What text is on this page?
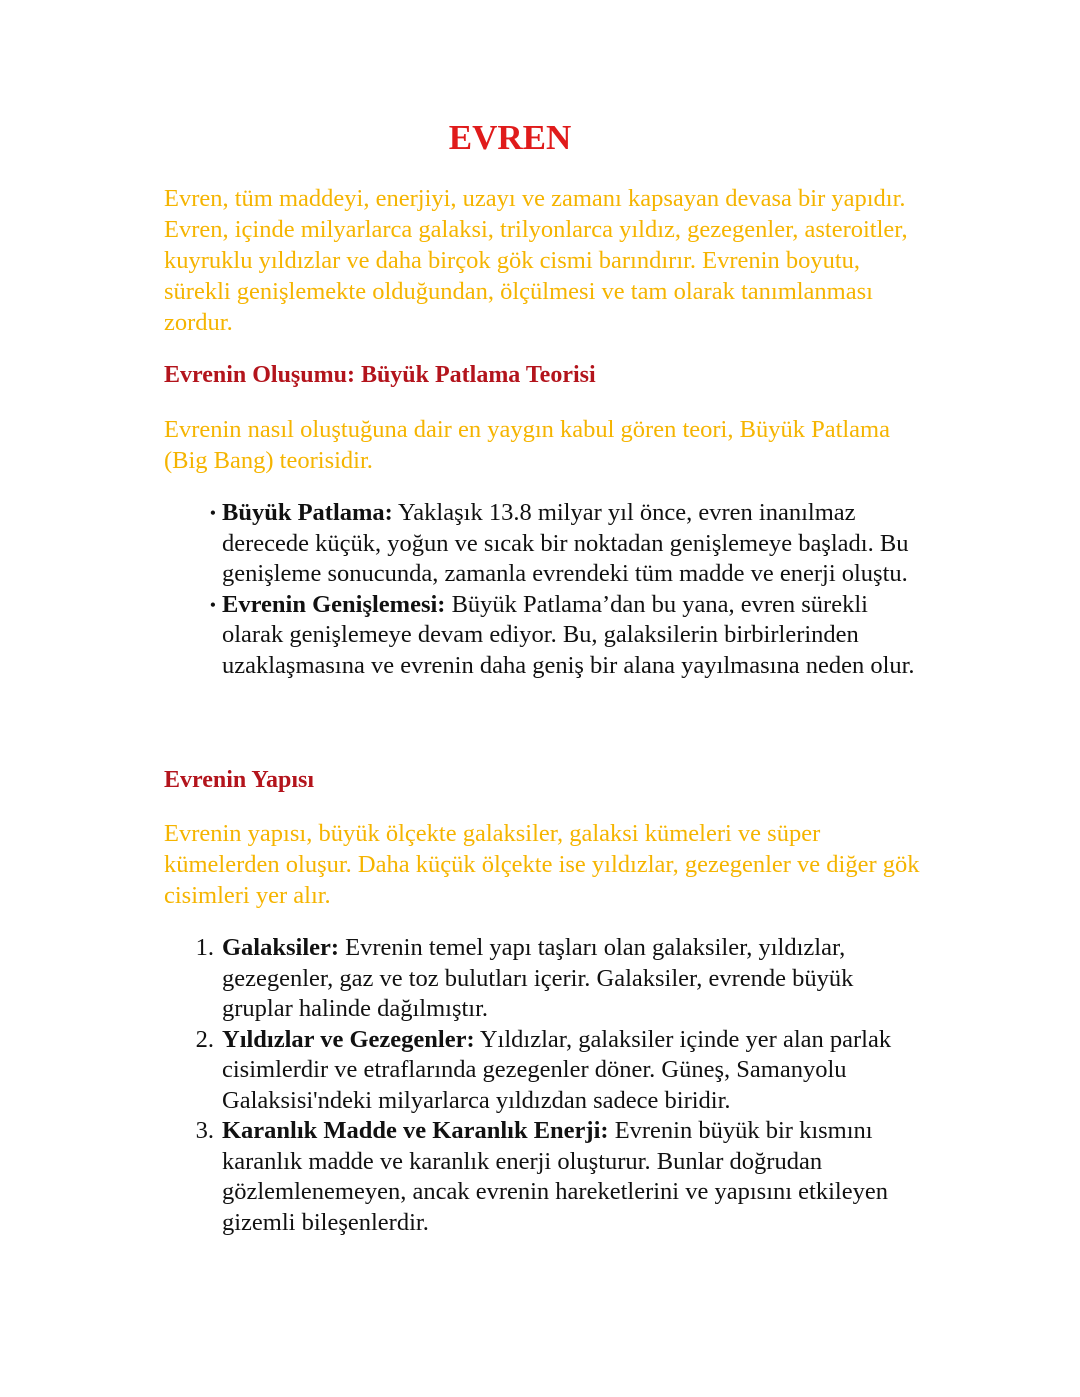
EVREN

Evren, tüm maddeyi, enerjiyi, uzayı ve zamanı kapsayan devasa bir yapıdır. Evren, içinde milyarlarca galaksi, trilyonlarca yıldız, gezegenler, asteroitler, kuyruklu yıldızlar ve daha birçok gök cismi barındırır. Evrenin boyutu, sürekli genişlemekte olduğundan, ölçülmesi ve tam olarak tanımlanması zordur.

Evrenin Oluşumu: Büyük Patlama Teorisi

Evrenin nasıl oluştuğuna dair en yaygın kabul gören teori, Büyük Patlama (Big Bang) teorisidir.

• Büyük Patlama: Yaklaşık 13.8 milyar yıl önce, evren inanılmaz derecede küçük, yoğun ve sıcak bir noktadan genişlemeye başladı. Bu genişleme sonucunda, zamanla evrendeki tüm madde ve enerji oluştu.
• Evrenin Genişlemesi: Büyük Patlama’dan bu yana, evren sürekli olarak genişlemeye devam ediyor. Bu, galaksilerin birbirlerinden uzaklaşmasına ve evrenin daha geniş bir alana yayılmasına neden olur.
Evrenin Yapısı

Evrenin yapısı, büyük ölçekte galaksiler, galaksi kümeleri ve süper kümelerden oluşur. Daha küçük ölçekte ise yıldızlar, gezegenler ve diğer gök cisimleri yer alır.

1. Galaksiler: Evrenin temel yapı taşları olan galaksiler, yıldızlar, gezegenler, gaz ve toz bulutları içerir. Galaksiler, evrende büyük gruplar halinde dağılmıştır.
2. Yıldızlar ve Gezegenler: Yıldızlar, galaksiler içinde yer alan parlak cisimlerdir ve etraflarında gezegenler döner. Güneş, Samanyolu Galaksisi'ndeki milyarlarca yıldızdan sadece biridir.
3. Karanlık Madde ve Karanlık Enerji: Evrenin büyük bir kısmını karanlık madde ve karanlık enerji oluşturur. Bunlar doğrudan gözlemlenemeyen, ancak evrenin hareketlerini ve yapısını etkileyen gizemli bileşenlerdir.
